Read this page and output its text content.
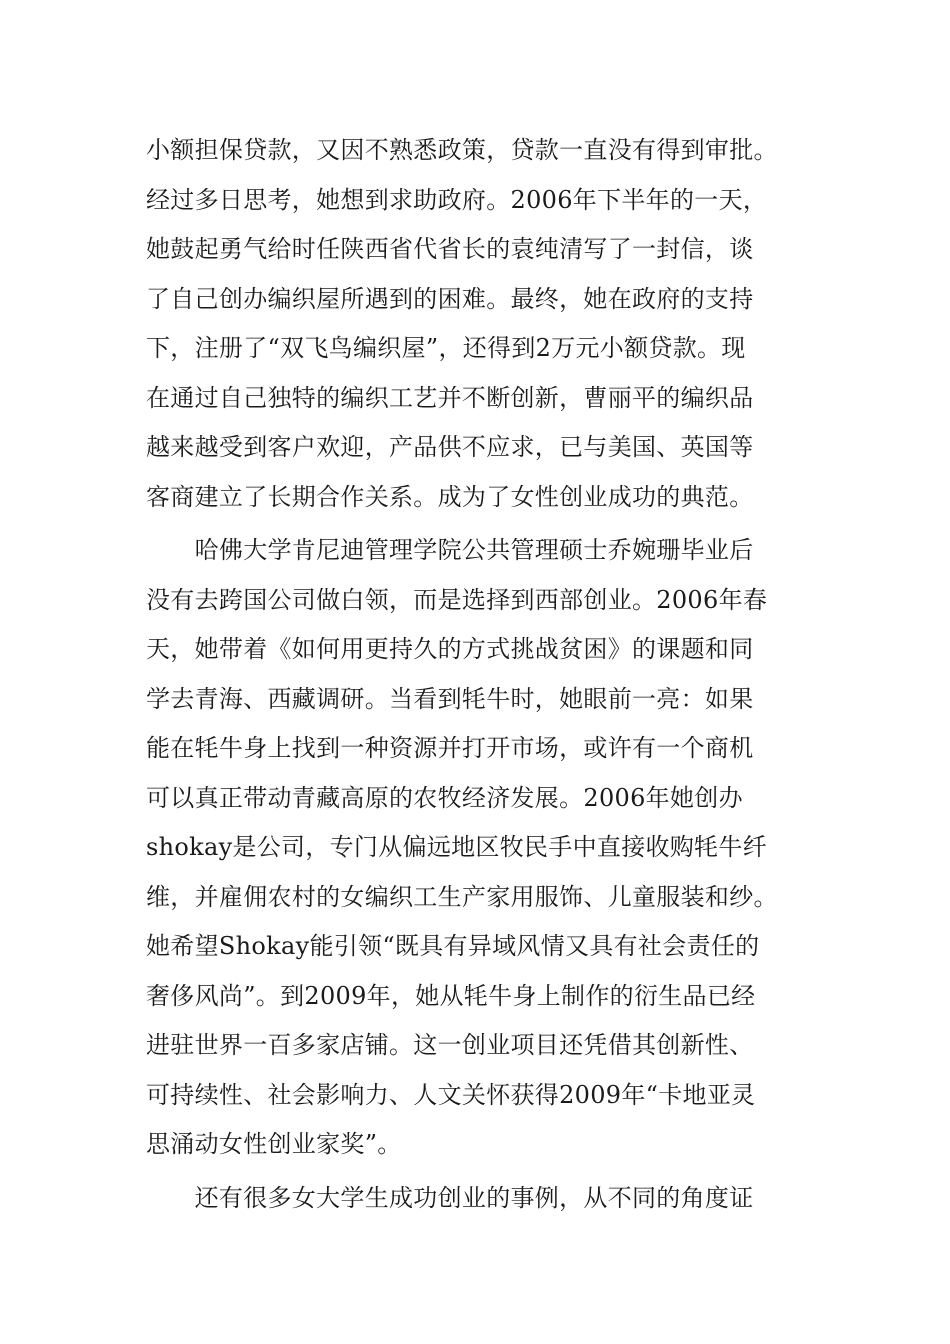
小额担保贷款，又因不熟悉政策，贷款一直没有得到审批。
经过多日思考，她想到求助政府。2006年下半年的一天，
她鼓起勇气给时任陕西省代省长的袁纯清写了一封信，谈
了自己创办编织屋所遇到的困难。最终，她在政府的支持
下，注册了“双飞鸟编织屋”，还得到2万元小额贷款。现
在通过自己独特的编织工艺并不断创新，曹丽平的编织品
越来越受到客户欢迎，产品供不应求，已与美国、英国等
客商建立了长期合作关系。成为了女性创业成功的典范。
　　哈佛大学肯尼迪管理学院公共管理硕士乔婉珊毕业后
没有去跨国公司做白领，而是选择到西部创业。2006年春
天，她带着《如何用更持久的方式挑战贫困》的课题和同
学去青海、西藏调研。当看到牦牛时，她眼前一亮：如果
能在牦牛身上找到一种资源并打开市场，或许有一个商机
可以真正带动青藏高原的农牧经济发展。2006年她创办
shokay是公司，专门从偏远地区牧民手中直接收购牦牛纤
维，并雇佣农村的女编织工生产家用服饰、儿童服装和纱。
她希望Shokay能引领“既具有异域风情又具有社会责任的
奢侈风尚”。到2009年，她从牦牛身上制作的衍生品已经
进驻世界一百多家店铺。这一创业项目还凭借其创新性、
可持续性、社会影响力、人文关怀获得2009年“卡地亚灵
思涌动女性创业家奖”。
　　还有很多女大学生成功创业的事例，从不同的角度证
